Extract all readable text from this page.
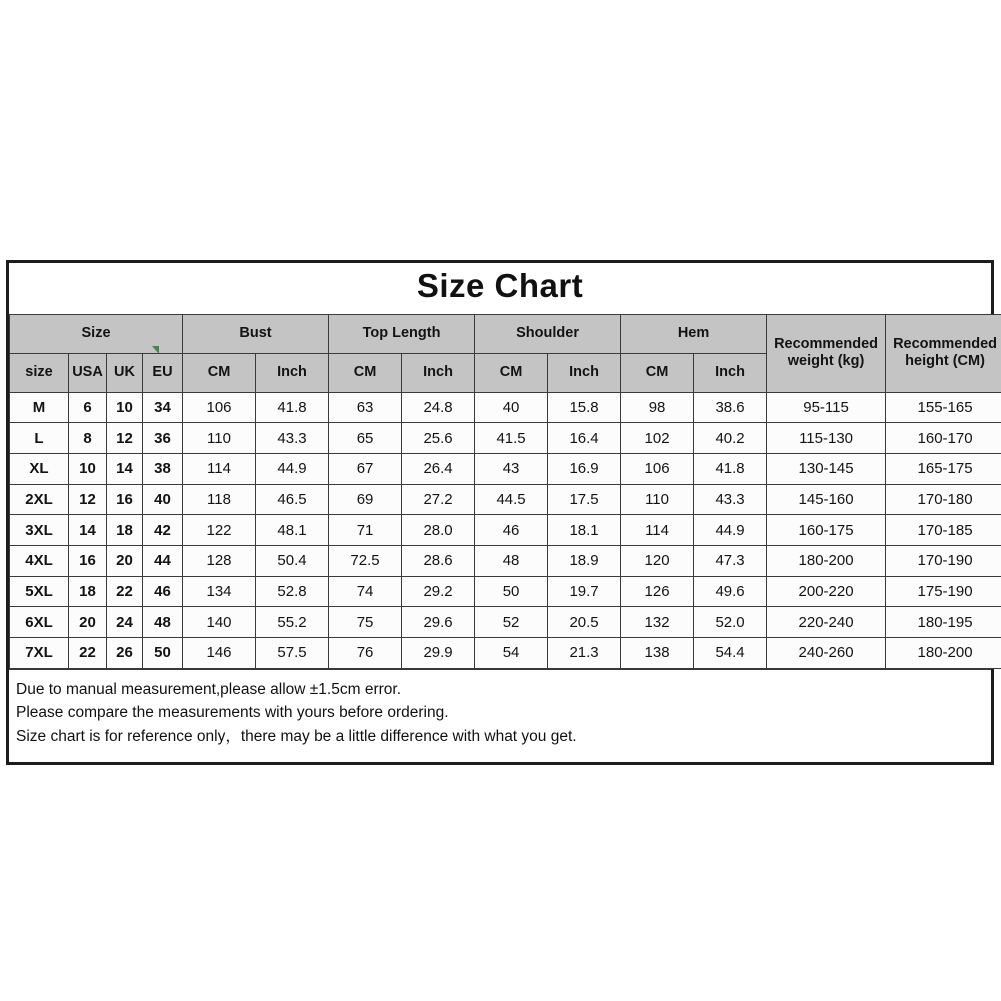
Size Chart
Size				Bust		Top Length		Shoulder		Hem		Recommended weight (kg)	Recommended height (CM)
size	USA	UK	EU	CM	Inch	CM	Inch	CM	Inch	CM	Inch		
M	6	10	34	106	41.8	63	24.8	40	15.8	98	38.6	95-115	155-165
L	8	12	36	110	43.3	65	25.6	41.5	16.4	102	40.2	115-130	160-170
XL	10	14	38	114	44.9	67	26.4	43	16.9	106	41.8	130-145	165-175
2XL	12	16	40	118	46.5	69	27.2	44.5	17.5	110	43.3	145-160	170-180
3XL	14	18	42	122	48.1	71	28.0	46	18.1	114	44.9	160-175	170-185
4XL	16	20	44	128	50.4	72.5	28.6	48	18.9	120	47.3	180-200	170-190
5XL	18	22	46	134	52.8	74	29.2	50	19.7	126	49.6	200-220	175-190
6XL	20	24	48	140	55.2	75	29.6	52	20.5	132	52.0	220-240	180-195
7XL	22	26	50	146	57.5	76	29.9	54	21.3	138	54.4	240-260	180-200
Due to manual measurement,please allow ±1.5cm error.
Please compare the measurements with yours before ordering.
Size chart is for reference only，there may be a little difference with what you get.
